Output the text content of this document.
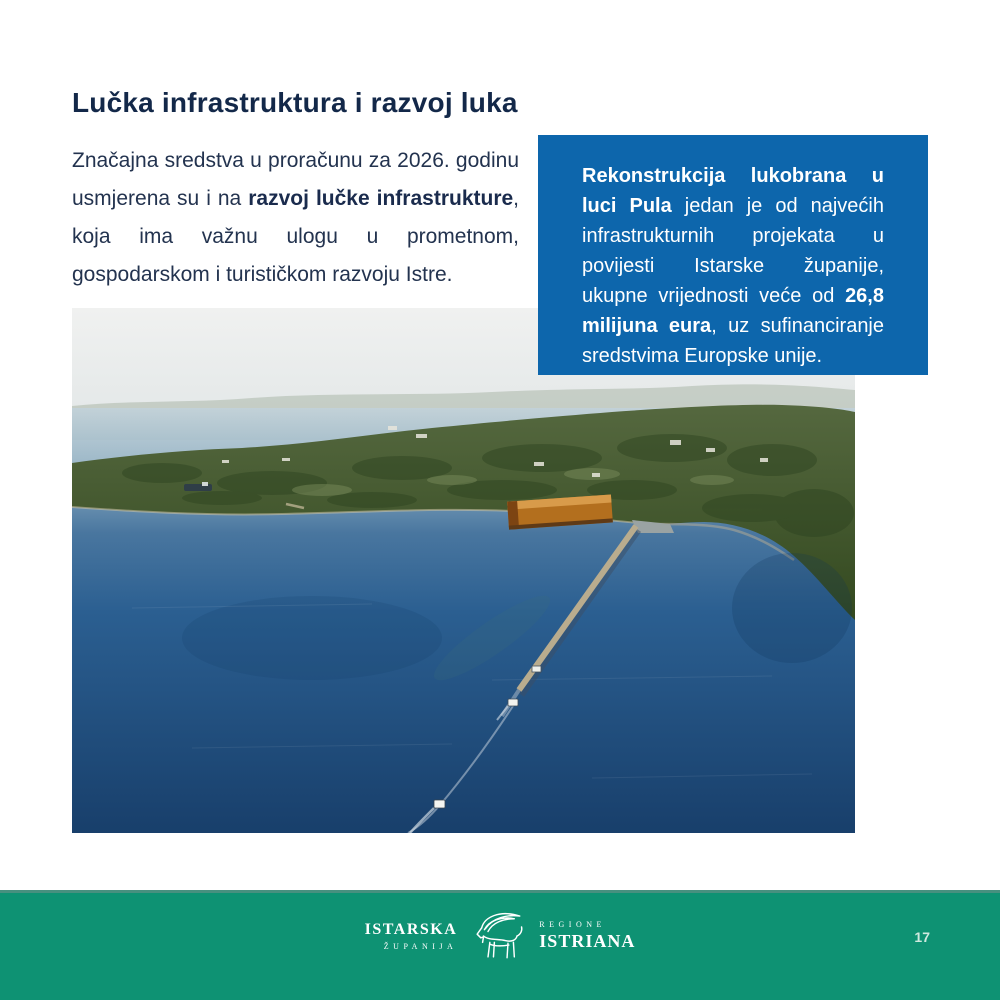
Lučka infrastruktura i razvoj luka

Značajna sredstva u proračunu za 2026. godinu usmjerena su i na razvoj lučke infrastrukture, koja ima važnu ulogu u prometnom, gospodarskom i turističkom razvoju Istre.

Rekonstrukcija lukobrana u luci Pula jedan je od najvećih infrastrukturnih projekata u povijesti Istarske županije, ukupne vrijednosti veće od 26,8 milijuna eura, uz sufinanciranje sredstvima Europske unije.
ISTARSKA
ŽUPANIJA
REGIONE
ISTRIANA	17
